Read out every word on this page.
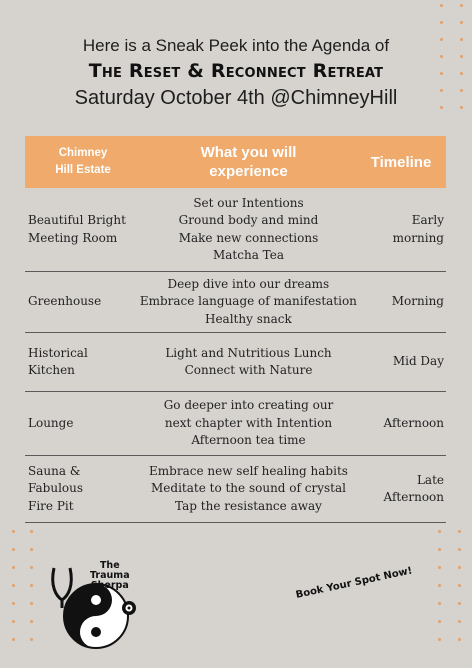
Here is a Sneak Peek into the Agenda of
The Reset & Reconnect Retreat
Saturday October 4th @ChimneyHill
Chimney
Hill Estate
What you will experience
Timeline
Beautiful Bright
Meeting Room
Set our Intentions
Ground body and mind
Make new connections
Matcha Tea
Early
morning
Greenhouse
Deep dive into our dreams
Embrace language of manifestation
Healthy snack
Morning
Historical
Kitchen
Light and Nutritious Lunch
Connect with Nature
Mid Day
Lounge
Go deeper into creating our
next chapter with Intention
Afternoon tea time
Afternoon
Sauna &
Fabulous
Fire Pit
Embrace new self healing habits
Meditate to the sound of crystal
Tap the resistance away
Late
Afternoon
The
Trauma
Sherpa	Book Your Spot Now!
